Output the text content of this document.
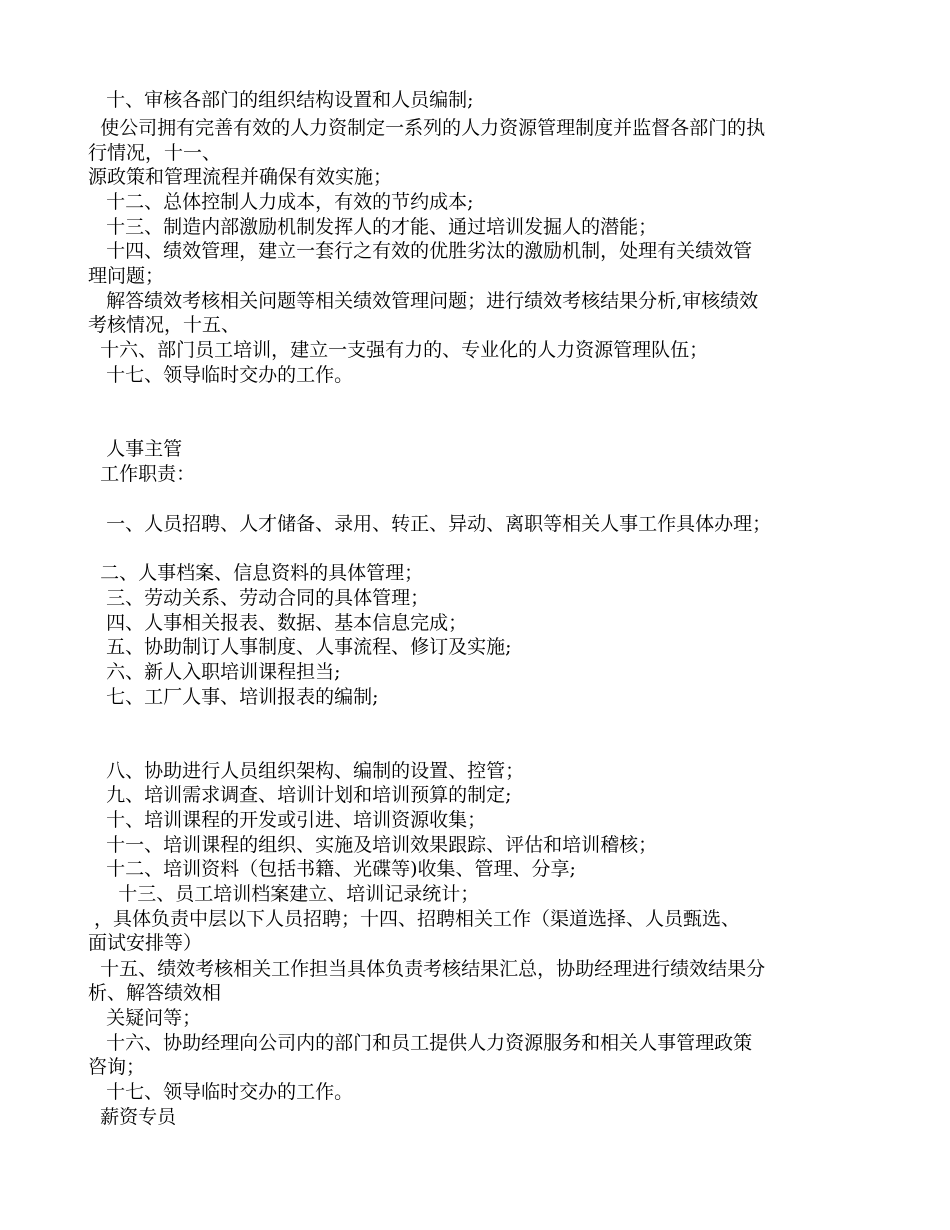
十、审核各部门的组织结构设置和人员编制;
使公司拥有完善有效的人力资制定一系列的人力资源管理制度并监督各部门的执
行情况，十一、
源政策和管理流程并确保有效实施；
十二、总体控制人力成本，有效的节约成本;
十三、制造内部激励机制发挥人的才能、通过培训发掘人的潜能；
十四、绩效管理，建立一套行之有效的优胜劣汰的激励机制，处理有关绩效管
理问题；
解答绩效考核相关问题等相关绩效管理问题；进行绩效考核结果分析,审核绩效
考核情况，十五、
十六、部门员工培训，建立一支强有力的、专业化的人力资源管理队伍；
十七、领导临时交办的工作。
人事主管
工作职责：
一、人员招聘、人才储备、录用、转正、异动、离职等相关人事工作具体办理；
二、人事档案、信息资料的具体管理；
三、劳动关系、劳动合同的具体管理；
四、人事相关报表、数据、基本信息完成；
五、协助制订人事制度、人事流程、修订及实施;
六、新人入职培训课程担当;
七、工厂人事、培训报表的编制;
八、协助进行人员组织架构、编制的设置、控管；
九、培训需求调查、培训计划和培训预算的制定;
十、培训课程的开发或引进、培训资源收集；
十一、培训课程的组织、实施及培训效果跟踪、评估和培训稽核；
十二、培训资料（包括书籍、光碟等)收集、管理、分享;
十三、员工培训档案建立、培训记录统计；
，具体负责中层以下人员招聘；十四、招聘相关工作（渠道选择、人员甄选、
面试安排等）
十五、绩效考核相关工作担当具体负责考核结果汇总，协助经理进行绩效结果分
析、解答绩效相
关疑问等；
十六、协助经理向公司内的部门和员工提供人力资源服务和相关人事管理政策
咨询；
十七、领导临时交办的工作。
薪资专员
